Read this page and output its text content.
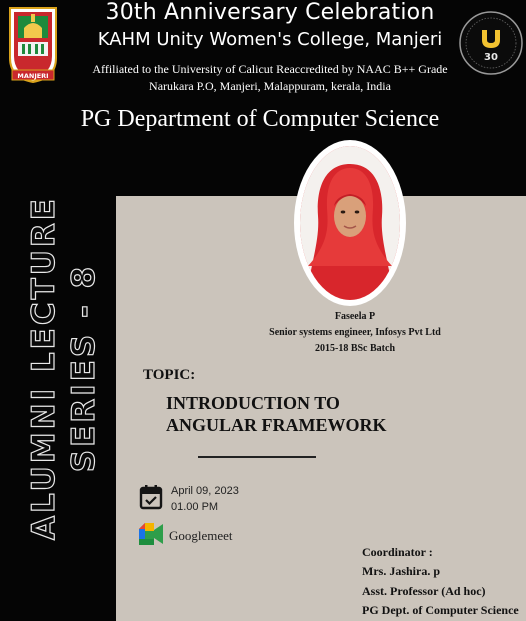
MANJERI
30
30th Anniversary Celebration
KAHM Unity Women's College, Manjeri
Affiliated to the University of Calicut Reaccredited by NAAC B++ Grade
Narukara P.O, Manjeri, Malappuram, kerala, India
PG Department of Computer Science
ALUMNI LECTURE SERIES - 8	Faseela P
Senior systems engineer, Infosys Pvt Ltd
2015-18 BSc Batch
TOPIC:
INTRODUCTION TO
ANGULAR FRAMEWORK
April 09, 2023
01.00 PM
Googlemeet
Coordinator :
Mrs. Jashira. p
Asst. Professor (Ad hoc)
PG Dept. of Computer Science
